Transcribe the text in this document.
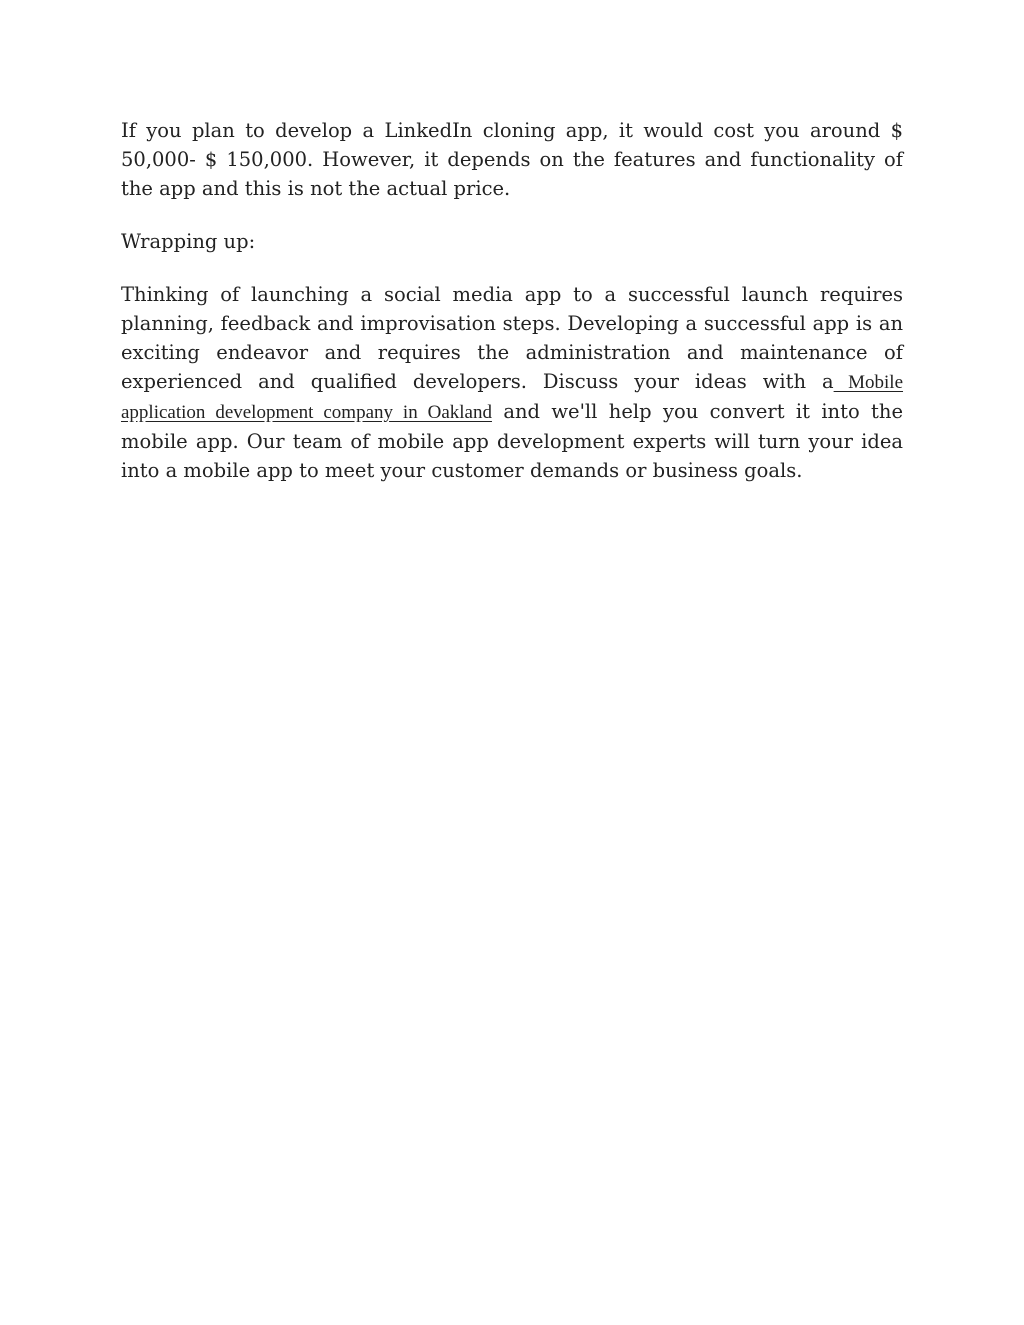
If you plan to develop a LinkedIn cloning app, it would cost you around $ 50,000- $ 150,000. However, it depends on the features and functionality of the app and this is not the actual price.

Wrapping up:

Thinking of launching a social media app to a successful launch requires planning, feedback and improvisation steps. Developing a successful app is an exciting endeavor and requires the administration and maintenance of experienced and qualified developers. Discuss your ideas with a Mobile application development company in Oakland and we'll help you convert it into the mobile app. Our team of mobile app development experts will turn your idea into a mobile app to meet your customer demands or business goals.
